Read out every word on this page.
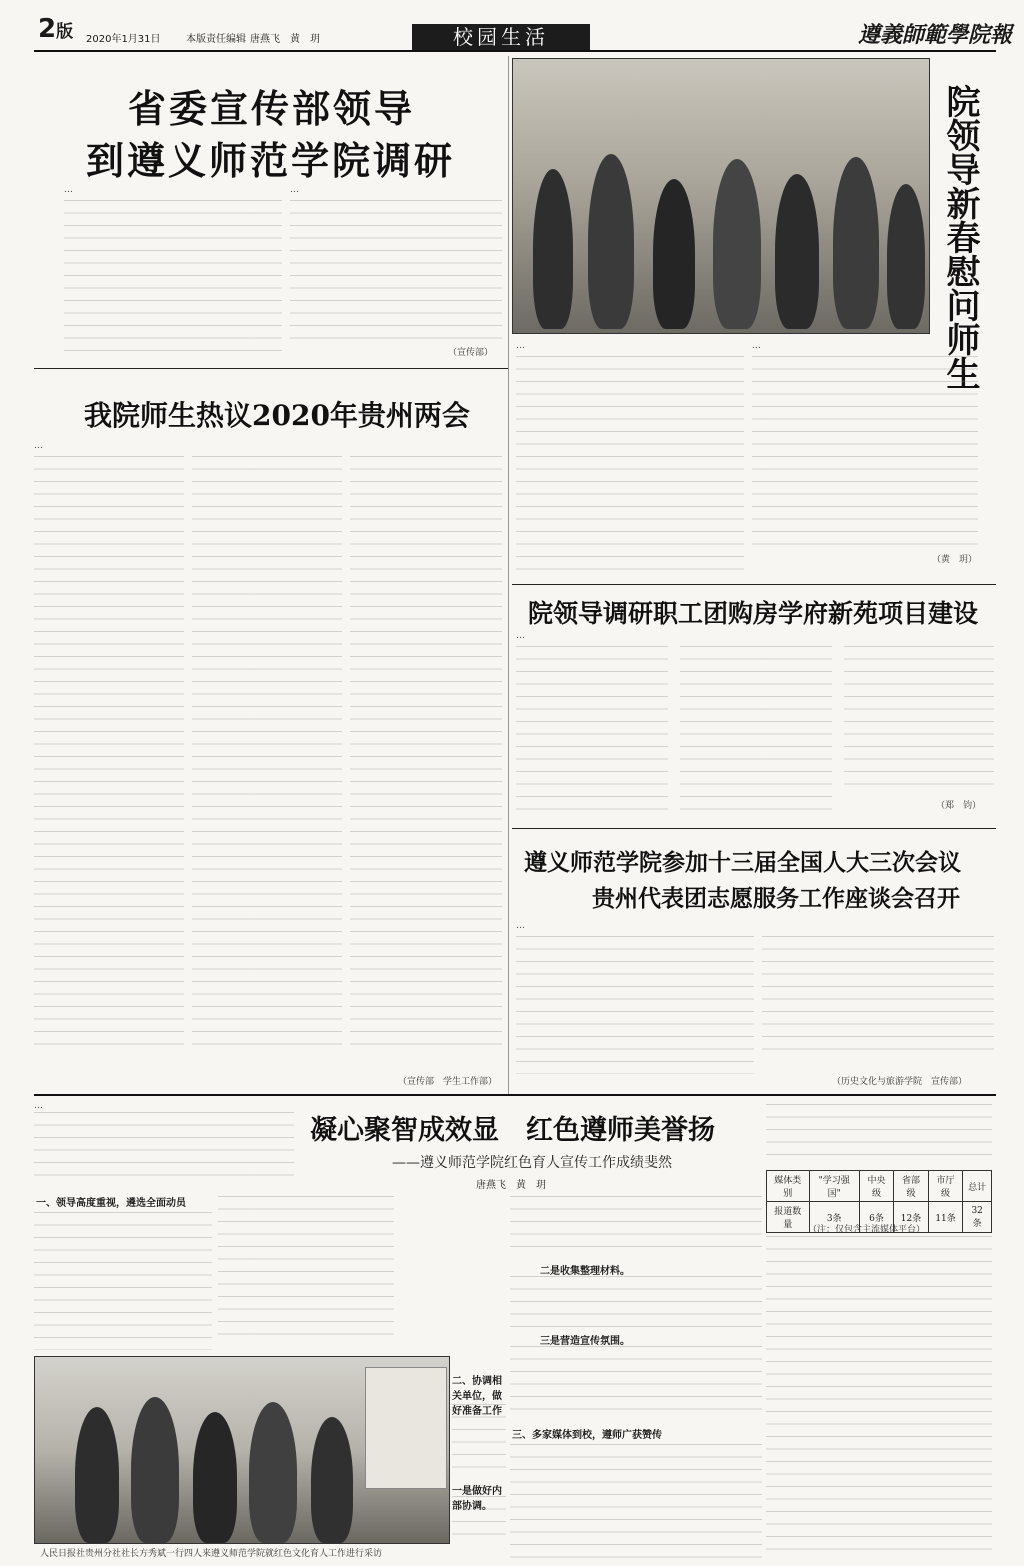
2版 2020年1月31日	本版责任编辑 唐燕飞　黄　玥	校园生活	遵義師範學院報
省委宣传部领导
到遵义师范学院调研
…	…
（宣传部）	院领导新春慰问师生
…	…
（黄　玥）
我院师生热议2020年贵州两会
…
（宣传部　学生工作部）
院领导调研职工团购房学府新苑项目建设
…
（郑　钧）
遵义师范学院参加十三届全国人大三次会议
贵州代表团志愿服务工作座谈会召开
…
（历史文化与旅游学院　宣传部）
…
凝心聚智成效显　红色遵师美誉扬
——遵义师范学院红色育人宣传工作成绩斐然
唐燕飞　黄　玥	媒体类别	"学习强国"	中央级	省部级	市厅级	总计
报道数量	3条	6条	12条	11条	32条
（注：仅包含主流媒体平台）
一、领导高度重视，遴选全面动员
二是收集整理材料。
三是营造宣传氛围。
三、多家媒体到校，遵师广获赞传
二、协调相关单位，做好准备工作
一是做好内部协调。
人民日报社贵州分社社长方秀斌一行四人来遵义师范学院就红色文化育人工作进行采访
